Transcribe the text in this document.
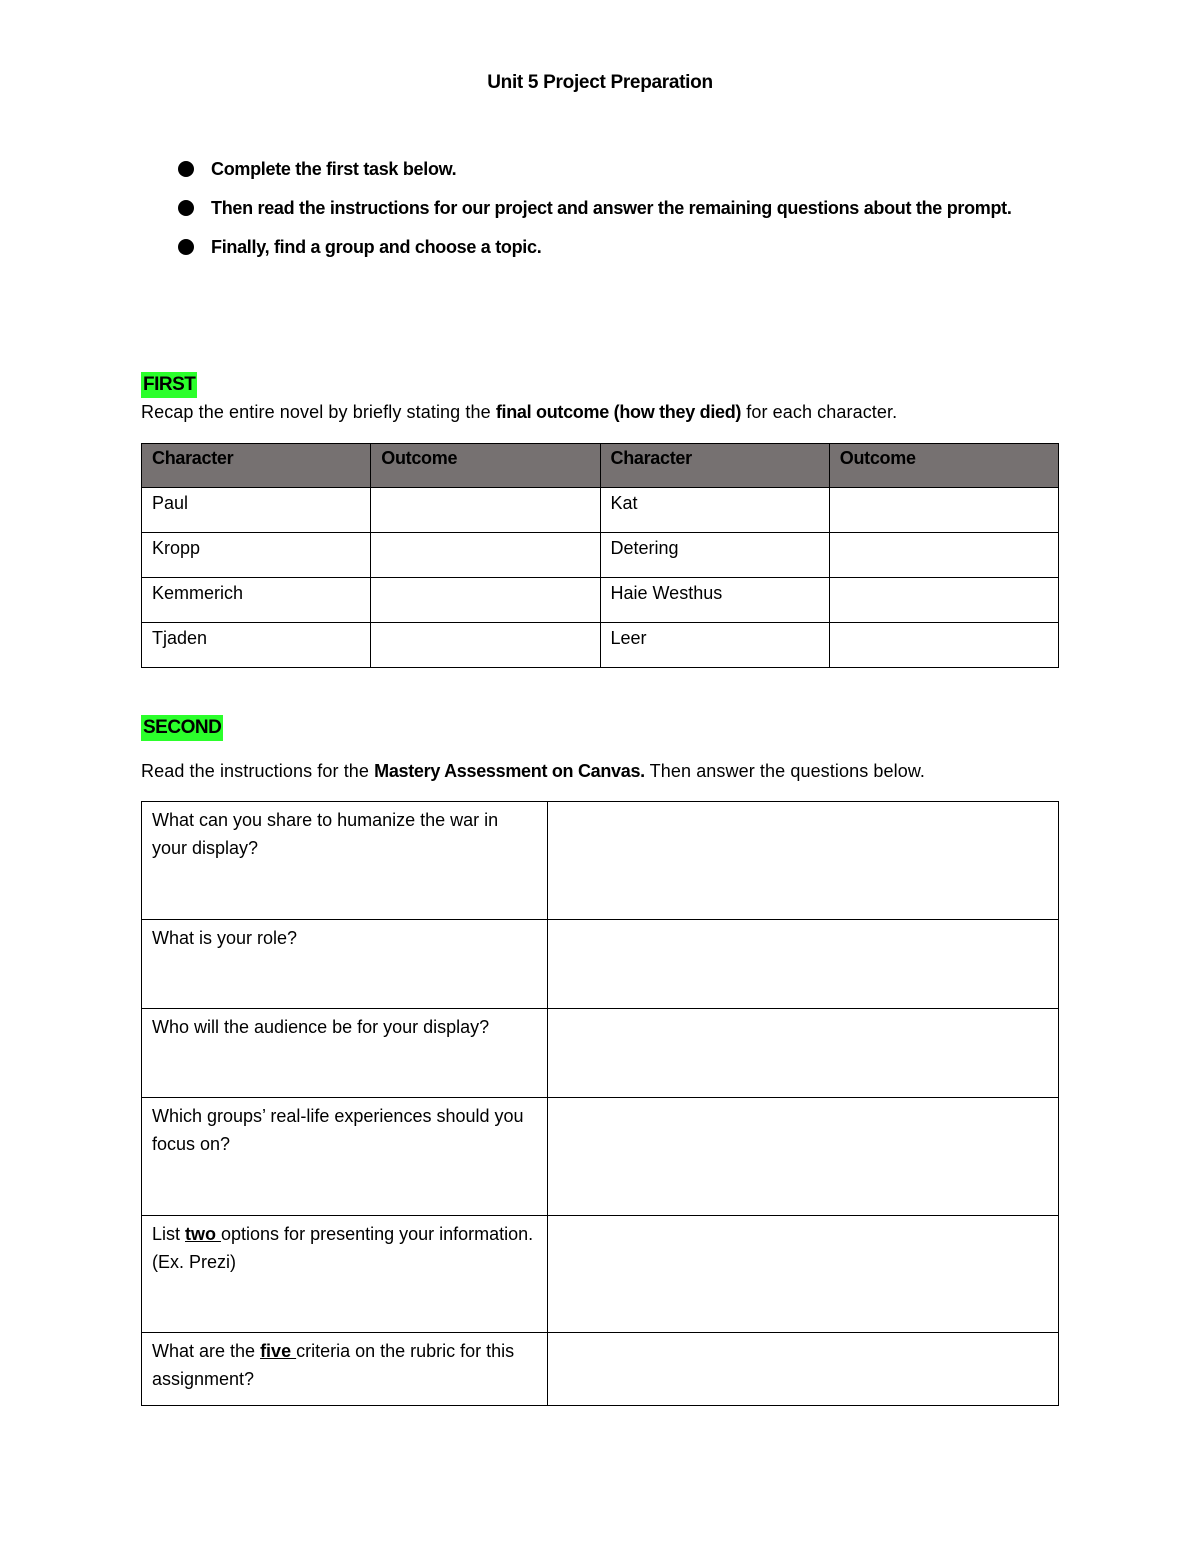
Unit 5 Project Preparation
Complete the first task below.
Then read the instructions for our project and answer the remaining questions about the prompt.
Finally, find a group and choose a topic.
FIRST
Recap the entire novel by briefly stating the final outcome (how they died) for each character.
Character	Outcome	Character	Outcome
Paul		Kat	
Kropp		Detering	
Kemmerich		Haie Westhus	
Tjaden		Leer	
SECOND
Read the instructions for the Mastery Assessment on Canvas. Then answer the questions below.
What can you share to humanize the war in your display?	
What is your role?	
Who will the audience be for your display?	
Which groups’ real-life experiences should you focus on?	
List two options for presenting your information. (Ex. Prezi)	
What are the five criteria on the rubric for this assignment?	
